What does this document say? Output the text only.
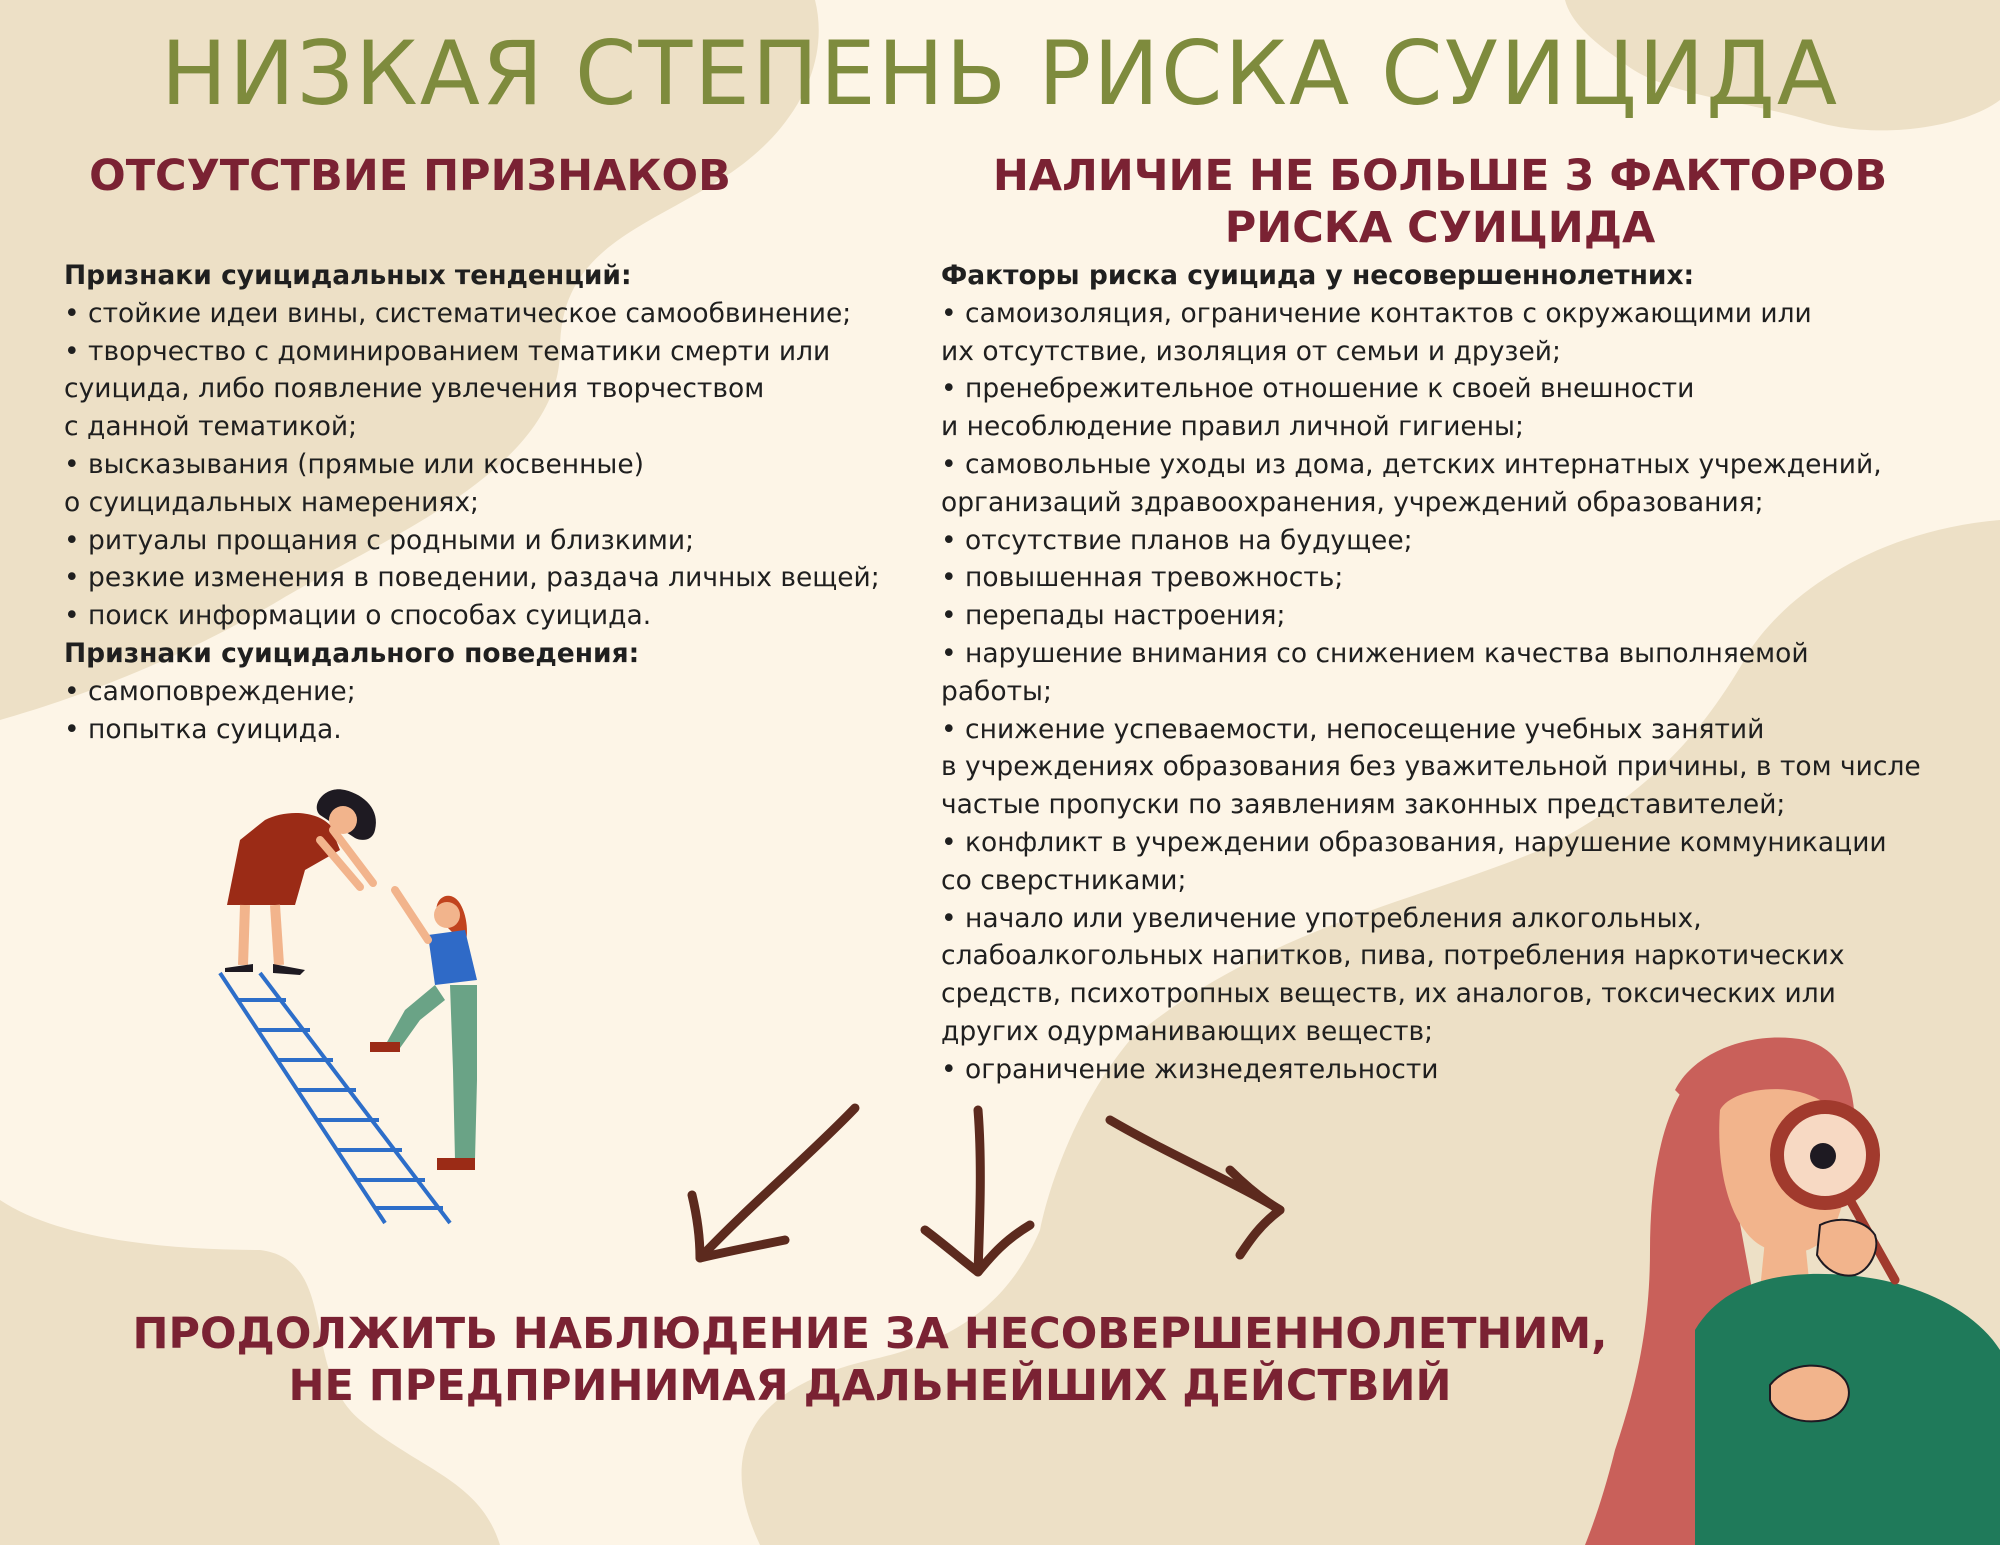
НИЗКАЯ СТЕПЕНЬ РИСКА СУИЦИДА
ОТСУТСТВИЕ ПРИЗНАКОВ	НАЛИЧИЕ НЕ БОЛЬШЕ 3 ФАКТОРОВ
РИСКА СУИЦИДА
Признаки суицидальных тенденций:
• стойкие идеи вины, систематическое самообвинение;
• творчество с доминированием тематики смерти или
суицида, либо появление увлечения творчеством
с данной тематикой;
• высказывания (прямые или косвенные)
о суицидальных намерениях;
• ритуалы прощания с родными и близкими;
• резкие изменения в поведении, раздача личных вещей;
• поиск информации о способах суицида.
Признаки суицидального поведения:
• самоповреждение;
• попытка суицида.
Факторы риска суицида у несовершеннолетних:
• самоизоляция, ограничение контактов с окружающими или
их отсутствие, изоляция от семьи и друзей;
• пренебрежительное отношение к своей внешности
и несоблюдение правил личной гигиены;
• самовольные уходы из дома, детских интернатных учреждений,
организаций здравоохранения, учреждений образования;
• отсутствие планов на будущее;
• повышенная тревожность;
• перепады настроения;
• нарушение внимания со снижением качества выполняемой
работы;
• снижение успеваемости, непосещение учебных занятий
в учреждениях образования без уважительной причины, в том числе
частые пропуски по заявлениям законных представителей;
• конфликт в учреждении образования, нарушение коммуникации
со сверстниками;
• начало или увеличение употребления алкогольных,
слабоалкогольных напитков, пива, потребления наркотических
средств, психотропных веществ, их аналогов, токсических или
других одурманивающих веществ;
• ограничение жизнедеятельности
ПРОДОЛЖИТЬ НАБЛЮДЕНИЕ ЗА НЕСОВЕРШЕННОЛЕТНИМ,
НЕ ПРЕДПРИНИМАЯ ДАЛЬНЕЙШИХ ДЕЙСТВИЙ
